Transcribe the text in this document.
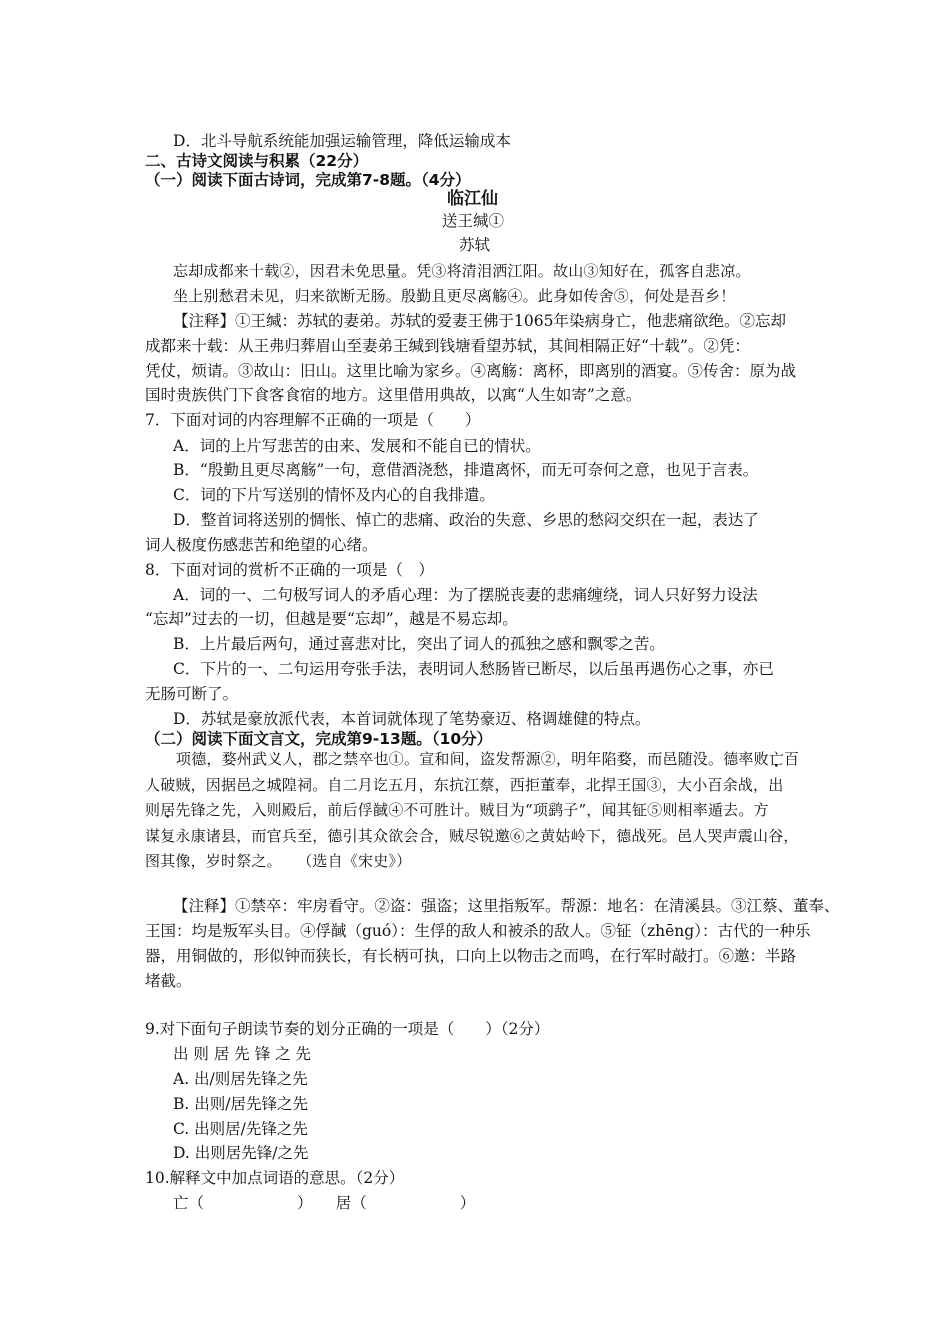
D．北斗导航系统能加强运输管理，降低运输成本
二、古诗文阅读与积累（22分）
（一）阅读下面古诗词，完成第7-8题。（4分）
临江仙
送王缄①
苏轼
忘却成都来十载②，因君未免思量。凭③将清泪洒江阳。故山③知好在，孤客自悲凉。
坐上别愁君未见，归来欲断无肠。殷勤且更尽离觞④。此身如传舍⑤，何处是吾乡！
【注释】①王缄：苏轼的妻弟。苏轼的爱妻王佛于1065年染病身亡，他悲痛欲绝。②忘却
成都来十载：从王弗归葬眉山至妻弟王缄到钱塘看望苏轼，其间相隔正好“十载”。②凭：
凭仗，烦请。③故山：旧山。这里比喻为家乡。④离觞：离杯，即离别的酒宴。⑤传舍：原为战
国时贵族供门下食客食宿的地方。这里借用典故，以寓“人生如寄”之意。
7．下面对词的内容理解不正确的一项是（　　）
A．词的上片写悲苦的由来、发展和不能自已的情状。
B．“殷勤且更尽离觞”一句，意借酒浇愁，排遣离怀，而无可奈何之意，也见于言表。
C．词的下片写送别的情怀及内心的自我排遣。
D．整首词将送别的惆怅、悼亡的悲痛、政治的失意、乡思的愁闷交织在一起，表达了
词人极度伤感悲苦和绝望的心绪。
8．下面对词的赏析不正确的一项是（　）
A．词的一、二句极写词人的矛盾心理：为了摆脱丧妻的悲痛缠绕，词人只好努力设法
“忘却”过去的一切，但越是要“忘却”，越是不易忘却。
B．上片最后两句，通过喜悲对比，突出了词人的孤独之感和飘零之苦。
C．下片的一、二句运用夸张手法，表明词人愁肠皆已断尽，以后虽再遇伤心之事，亦已
无肠可断了。
D．苏轼是豪放派代表，本首词就体现了笔势豪迈、格调雄健的特点。
（二）阅读下面文言文，完成第9-13题。（10分）
项德，婺州武义人，郡之禁卒也①。宣和间，盗发帮源②，明年陷婺，而邑随没。德率败亡百
人破贼，因据邑之城隍祠。自二月讫五月，东抗江蔡，西拒董奉，北捍王国③，大小百余战，出
则居先锋之先，入则殿后，前后俘馘④不可胜计。贼目为“项鹞子”，闻其钲⑤则相率遁去。方
谋复永康诸县，而官兵至，德引其众欲会合，贼尽锐邀⑥之黄姑岭下，德战死。邑人哭声震山谷，
图其像，岁时祭之。　　（选自《宋史》）
【注释】①禁卒：牢房看守。②盗：强盗；这里指叛军。帮源：地名：在清溪县。③江蔡、董奉、
王国：均是叛军头目。④俘馘（guó）：生俘的敌人和被杀的敌人。⑤钲（zhēng）：古代的一种乐
器，用铜做的，形似钟而狭长，有长柄可执，口向上以物击之而鸣，在行军时敲打。⑥邀：半路
堵截。
9.对下面句子朗读节奏的划分正确的一项是（　　）（2分）
出 则 居 先 锋 之 先
A. 出/则居先锋之先
B. 出则/居先锋之先
C. 出则居/先锋之先
D. 出则居先锋/之先
10.解释文中加点词语的意思。（2分）
亡（　　　　　　）　　居（　　　　　　）
